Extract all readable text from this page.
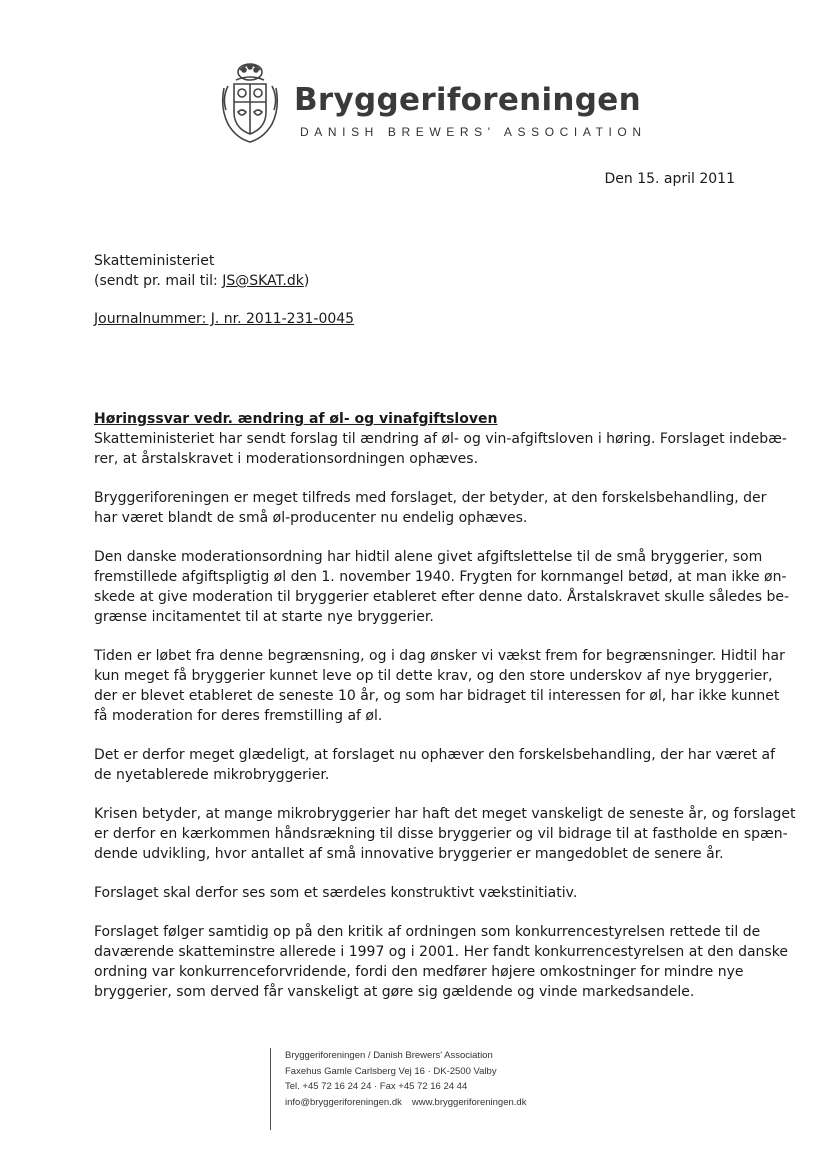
Bryggeriforeningen
DANISH BREWERS' ASSOCIATION
Den 15. april 2011
Skatteministeriet
(sendt pr. mail til: JS@SKAT.dk)
Journalnummer: J. nr. 2011-231-0045
Høringssvar vedr. ændring af øl- og vinafgiftsloven

Skatteministeriet har sendt forslag til ændring af øl- og vin-afgiftsloven i høring. Forslaget indebæ-
rer, at årstalskravet i moderationsordningen ophæves.

Bryggeriforeningen er meget tilfreds med forslaget, der betyder, at den forskelsbehandling, der
har været blandt de små øl-producenter nu endelig ophæves.

Den danske moderationsordning har hidtil alene givet afgiftslettelse til de små bryggerier, som
fremstillede afgiftspligtig øl den 1. november 1940. Frygten for kornmangel betød, at man ikke øn-
skede at give moderation til bryggerier etableret efter denne dato. Årstalskravet skulle således be-
grænse incitamentet til at starte nye bryggerier.

Tiden er løbet fra denne begrænsning, og i dag ønsker vi vækst frem for begrænsninger. Hidtil har
kun meget få bryggerier kunnet leve op til dette krav, og den store underskov af nye bryggerier,
der er blevet etableret de seneste 10 år, og som har bidraget til interessen for øl, har ikke kunnet
få moderation for deres fremstilling af øl.

Det er derfor meget glædeligt, at forslaget nu ophæver den forskelsbehandling, der har været af
de nyetablerede mikrobryggerier.

Krisen betyder, at mange mikrobryggerier har haft det meget vanskeligt de seneste år, og forslaget
er derfor en kærkommen håndsrækning til disse bryggerier og vil bidrage til at fastholde en spæn-
dende udvikling, hvor antallet af små innovative bryggerier er mangedoblet de senere år.

Forslaget skal derfor ses som et særdeles konstruktivt vækstinitiativ.

Forslaget følger samtidig op på den kritik af ordningen som konkurrencestyrelsen rettede til de
daværende skatteminstre allerede i 1997 og i 2001. Her fandt konkurrencestyrelsen at den danske
ordning var konkurrenceforvridende, fordi den medfører højere omkostninger for mindre nye
bryggerier, som derved får vanskeligt at gøre sig gældende og vinde markedsandele.

Bryggeriforeningen / Danish Brewers' Association
Faxehus Gamle Carlsberg Vej 16 · DK-2500 Valby
Tel. +45 72 16 24 24 · Fax +45 72 16 24 44
info@bryggeriforeningen.dk www.bryggeriforeningen.dk
